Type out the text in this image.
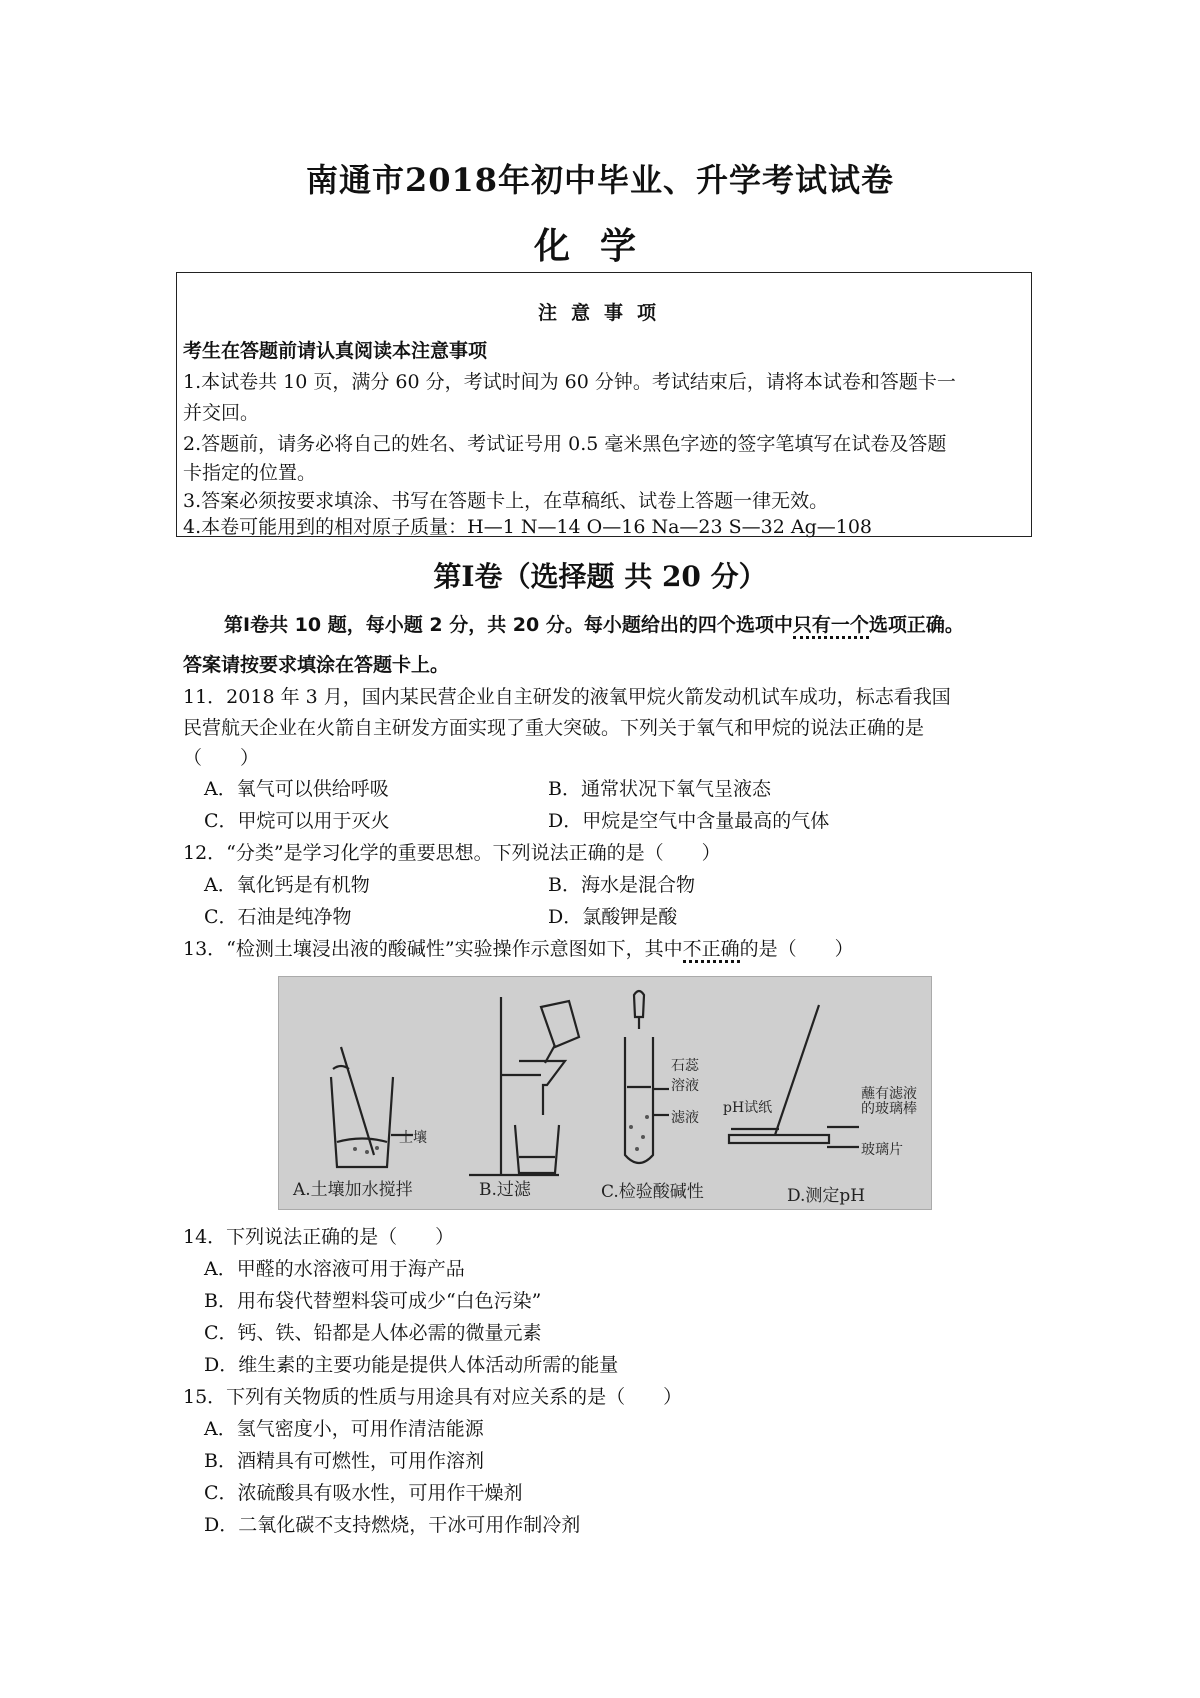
南通市2018年初中毕业、升学考试试卷
化学
注意事项
考生在答题前请认真阅读本注意事项
1.本试卷共 10 页，满分 60 分，考试时间为 60 分钟。考试结束后，请将本试卷和答题卡一
并交回。
2.答题前，请务必将自己的姓名、考试证号用 0.5 毫米黑色字迹的签字笔填写在试卷及答题
卡指定的位置。
3.答案必须按要求填涂、书写在答题卡上，在草稿纸、试卷上答题一律无效。
4.本卷可能用到的相对原子质量：H—1 N—14 O—16 Na—23 S—32 Ag—108
第Ⅰ卷（选择题 共 20 分）
第Ⅰ卷共 10 题，每小题 2 分，共 20 分。每小题给出的四个选项中只有一个选项正确。
答案请按要求填涂在答题卡上。
11．2018 年 3 月，国内某民营企业自主研发的液氧甲烷火箭发动机试车成功，标志看我国
民营航天企业在火箭自主研发方面实现了重大突破。下列关于氧气和甲烷的说法正确的是
（　　）
A．氧气可以供给呼吸	B．通常状况下氧气呈液态
C．甲烷可以用于灭火	D．甲烷是空气中含量最高的气体
12．“分类”是学习化学的重要思想。下列说法正确的是（　　）
A．氧化钙是有机物	B．海水是混合物
C．石油是纯净物	D．氯酸钾是酸
13．“检测土壤浸出液的酸碱性”实验操作示意图如下，其中不正确的是（　　）
土壤
石蕊溶液
滤液
pH试纸
蘸有滤液的玻璃棒
玻璃片
A.土壤加水搅拌	B.过滤	C.检验酸碱性	D.测定pH
14．下列说法正确的是（　　）
A．甲醛的水溶液可用于海产品
B．用布袋代替塑料袋可成少“白色污染”
C．钙、铁、铅都是人体必需的微量元素
D．维生素的主要功能是提供人体活动所需的能量
15．下列有关物质的性质与用途具有对应关系的是（　　）
A．氢气密度小，可用作清洁能源
B．酒精具有可燃性，可用作溶剂
C．浓硫酸具有吸水性，可用作干燥剂
D．二氧化碳不支持燃烧，干冰可用作制冷剂
